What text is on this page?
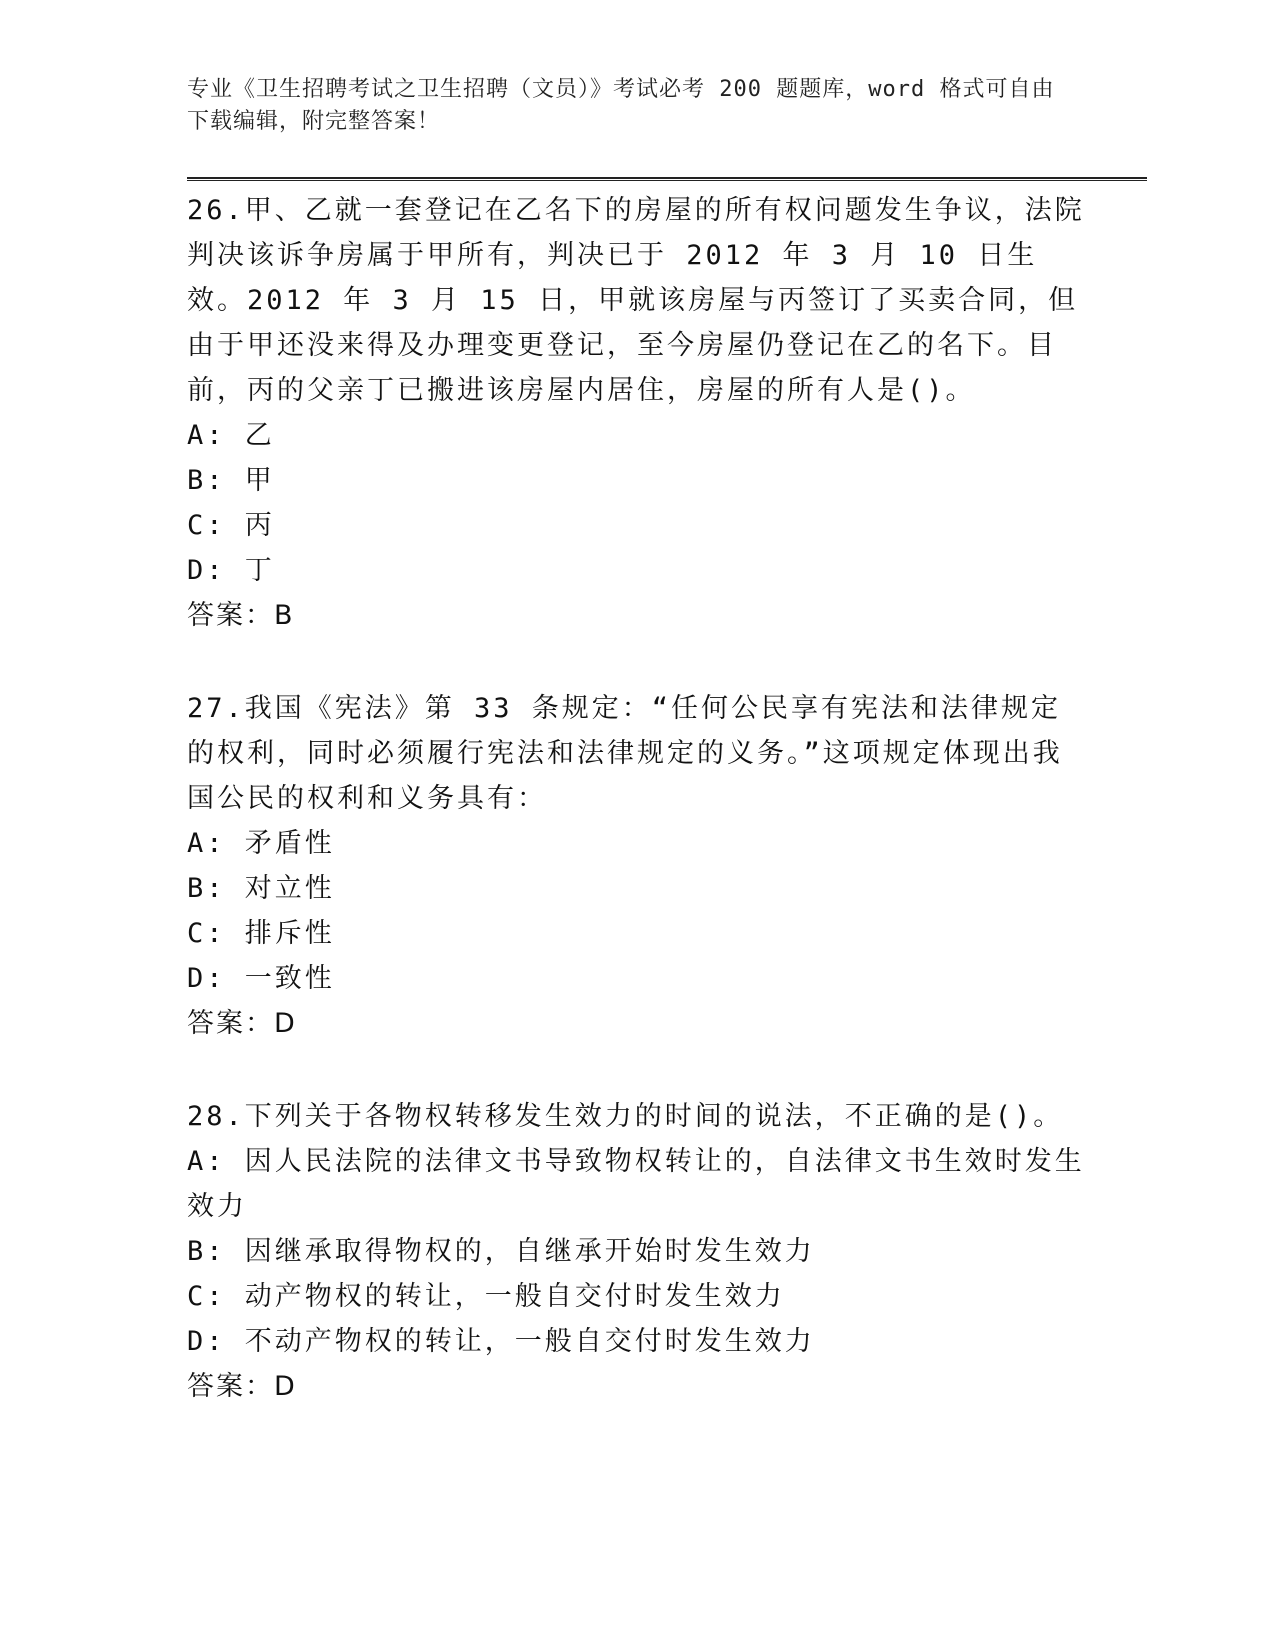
专业《卫生招聘考试之卫生招聘（文员）》考试必考 200 题题库，word 格式可自由下载编辑，附完整答案！

26.甲、乙就一套登记在乙名下的房屋的所有权问题发生争议，法院判决该诉争房属于甲所有，判决已于 2012 年 3 月 10 日生效。2012 年 3 月 15 日，甲就该房屋与丙签订了买卖合同，但由于甲还没来得及办理变更登记，至今房屋仍登记在乙的名下。目前，丙的父亲丁已搬进该房屋内居住，房屋的所有人是()。

A: 乙

B: 甲

C: 丙

D: 丁

答案：B

27.我国《宪法》第 33 条规定：“任何公民享有宪法和法律规定的权利，同时必须履行宪法和法律规定的义务。”这项规定体现出我国公民的权利和义务具有：

A: 矛盾性

B: 对立性

C: 排斥性

D: 一致性

答案：D

28.下列关于各物权转移发生效力的时间的说法，不正确的是()。

A: 因人民法院的法律文书导致物权转让的，自法律文书生效时发生效力

B: 因继承取得物权的，自继承开始时发生效力

C: 动产物权的转让，一般自交付时发生效力

D: 不动产物权的转让，一般自交付时发生效力

答案：D
